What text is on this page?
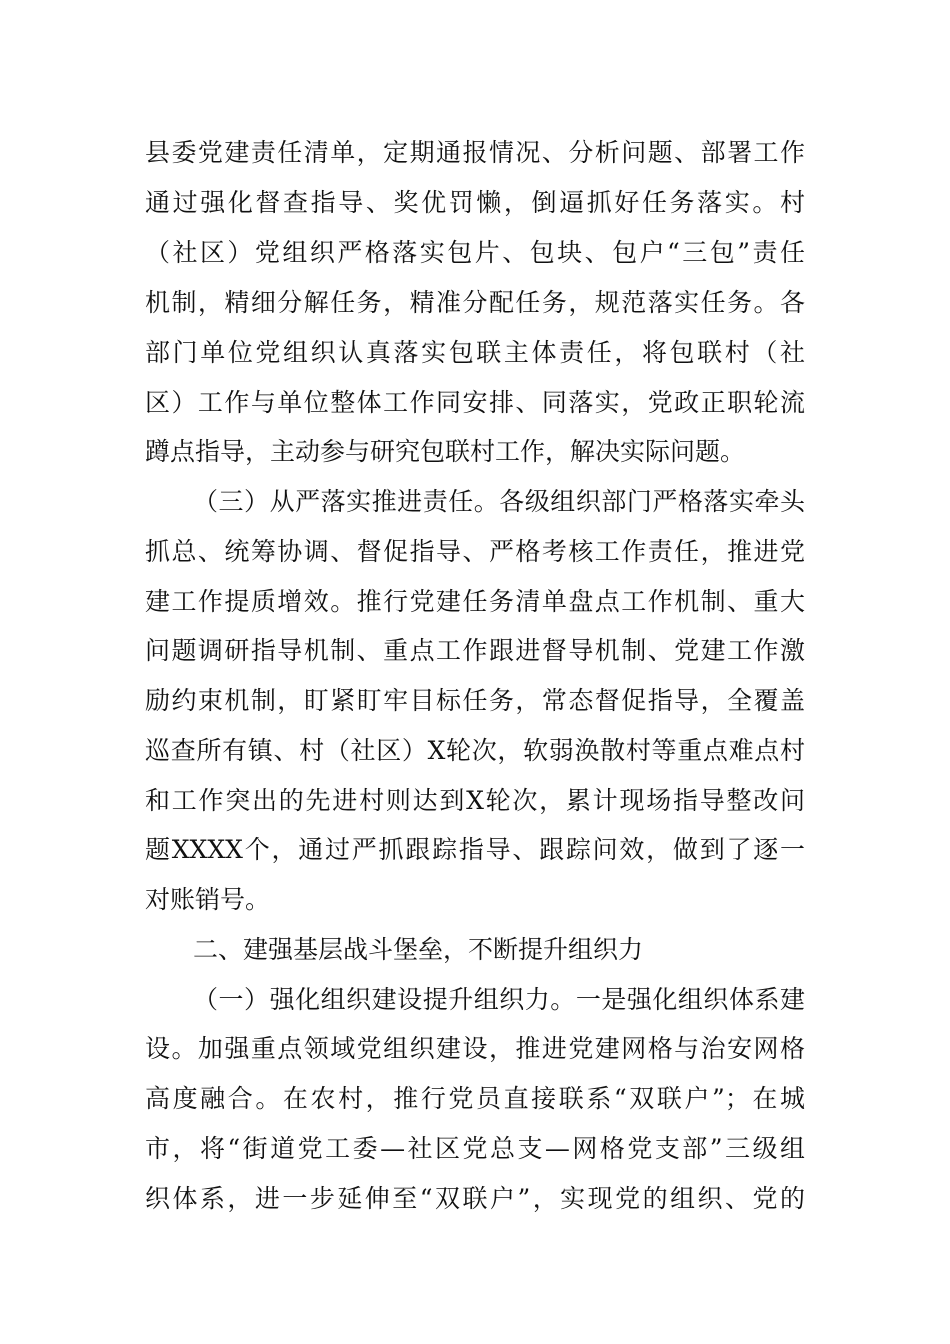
县委党建责任清单，定期通报情况、分析问题、部署工作
通过强化督查指导、奖优罚懒，倒逼抓好任务落实。村
（社区）党组织严格落实包片、包块、包户“三包”责任
机制，精细分解任务，精准分配任务，规范落实任务。各
部门单位党组织认真落实包联主体责任，将包联村（社
区）工作与单位整体工作同安排、同落实，党政正职轮流
蹲点指导，主动参与研究包联村工作，解决实际问题。
（三）从严落实推进责任。各级组织部门严格落实牵头
抓总、统筹协调、督促指导、严格考核工作责任，推进党
建工作提质增效。推行党建任务清单盘点工作机制、重大
问题调研指导机制、重点工作跟进督导机制、党建工作激
励约束机制，盯紧盯牢目标任务，常态督促指导，全覆盖
巡查所有镇、村（社区）X轮次，软弱涣散村等重点难点村
和工作突出的先进村则达到X轮次，累计现场指导整改问
题XXXX个，通过严抓跟踪指导、跟踪问效，做到了逐一
对账销号。
二、建强基层战斗堡垒，不断提升组织力
（一）强化组织建设提升组织力。一是强化组织体系建
设。加强重点领域党组织建设，推进党建网格与治安网格
高度融合。在农村，推行党员直接联系“双联户”；在城
市，将“街道党工委—社区党总支—网格党支部”三级组
织体系，进一步延伸至“双联户”，实现党的组织、党的
